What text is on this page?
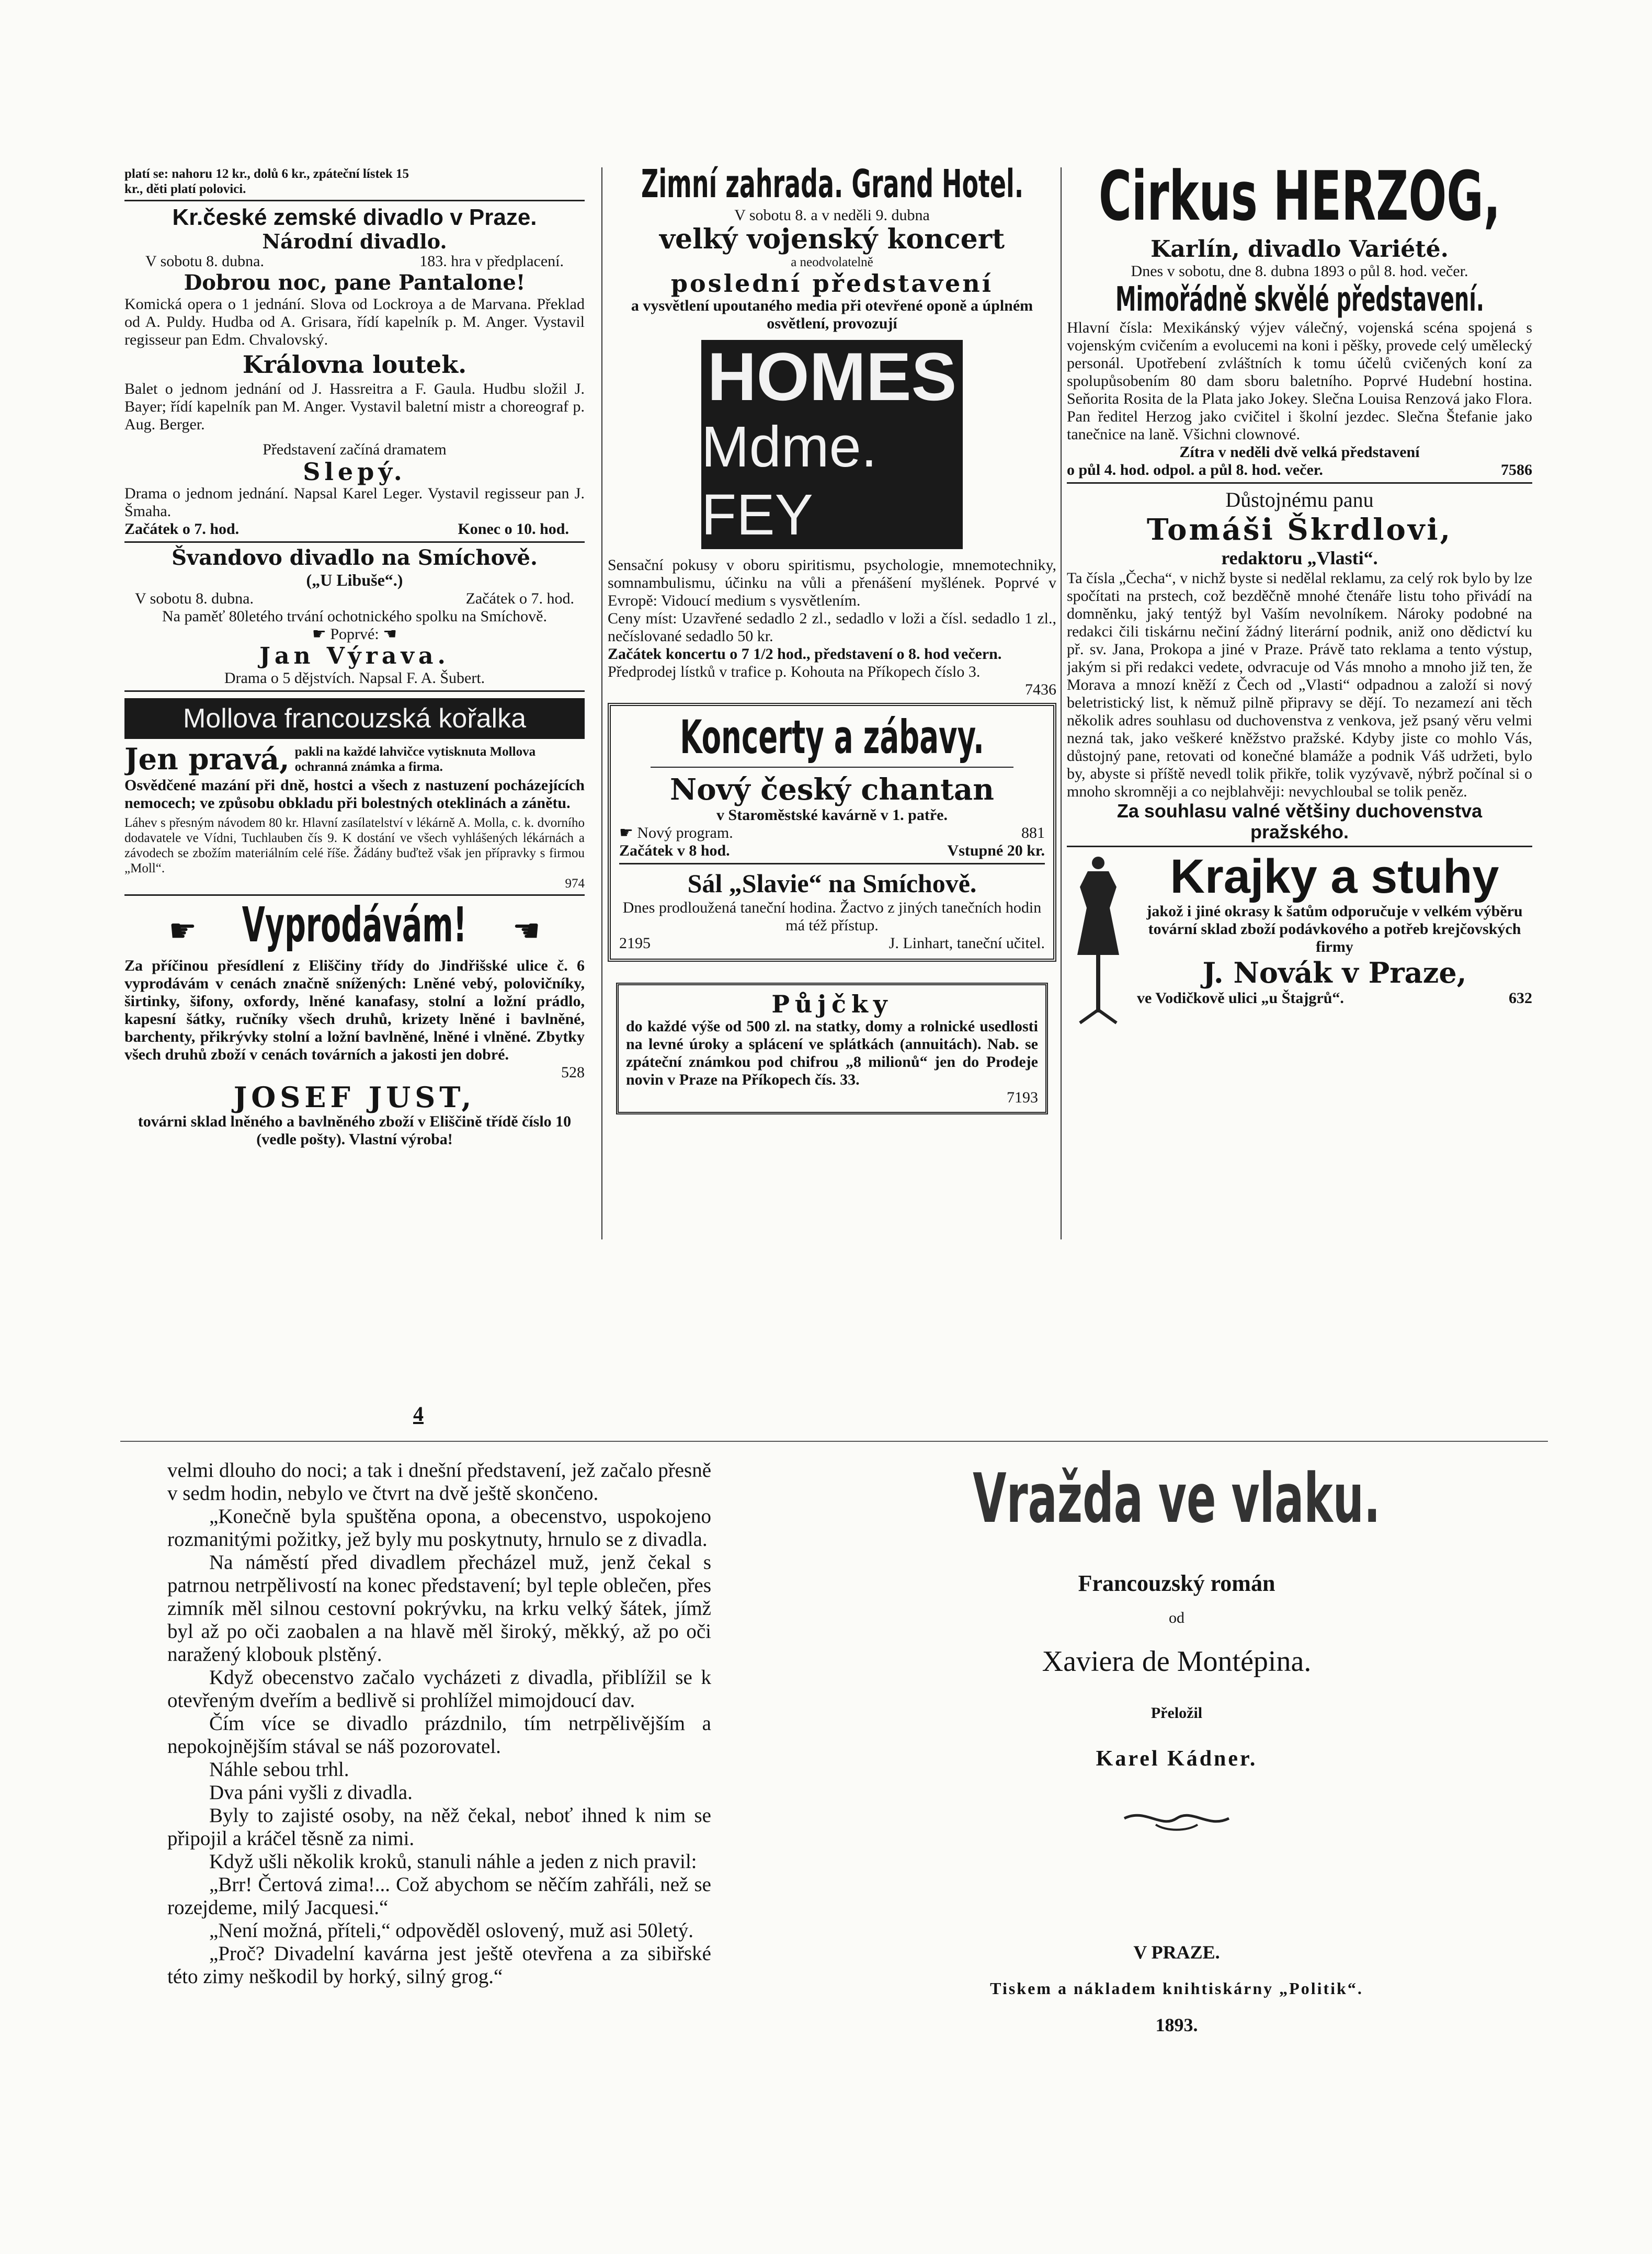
platí se: nahoru 12 kr., dolů 6 kr., zpáteční lístek 15
kr., děti platí polovici.
Kr.české zemské divadlo v Praze.
Národní divadlo.
V sobotu 8. dubna.	183. hra v předplacení.
Dobrou noc, pane Pantalone!
Komická opera o 1 jednání. Slova od Lockroya a de Marvana. Překlad od A. Puldy. Hudba od A. Grisara, řídí kapelník p. M. Anger. Vystavil regisseur pan Edm. Chvalovský.
Královna loutek.
Balet o jednom jednání od J. Hassreitra a F. Gaula. Hudbu složil J. Bayer; řídí kapelník pan M. Anger. Vystavil baletní mistr a choreograf p. Aug. Berger.
Představení začíná dramatem
Slepý.
Drama o jednom jednání. Napsal Karel Leger. Vystavil regisseur pan J. Šmaha.
Začátek o 7. hod.	Konec o 10. hod.
Švandovo divadlo na Smíchově.
(„U Libuše“.)
V sobotu 8. dubna.	Začátek o 7. hod.
Na paměť 80letého trvání ochotnického spolku na Smíchově.
☛ Poprvé: ☚
Jan Výrava.
Drama o 5 dějstvích. Napsal F. A. Šubert.
Mollova francouzská kořalka
Jen pravá, pakli na každé lahvičce vytisknuta Mollova ochranná známka a firma.
Osvědčené mazání při dně, hostci a všech z nastuzení pocházejících nemocech; ve způsobu obkladu při bolestných oteklinách a zánětu.
Láhev s přesným návodem 80 kr. Hlavní zasílatelství v lékárně A. Molla, c. k. dvorního dodavatele ve Vídni, Tuchlauben čís 9. K dostání ve všech vyhlášených lékárnách a závodech se zbožím materiálním celé říše. Žádány buďtež však jen přípravky s firmou „Moll“.
974
☛ Vyprodávám! ☚
Za příčinou přesídlení z Eliščiny třídy do Jindřišské ulice č. 6 vyprodávám v cenách značně snížených: Lněné vebý, polovičníky, širtinky, šifony, oxfordy, lněné kanafasy, stolní a ložní prádlo, kapesní šátky, ručníky všech druhů, krizety lněné i bavlněné, barchenty, přikrývky stolní a ložní bavlněné, lněné i vlněné. Zbytky všech druhů zboží v cenách továrních a jakosti jen dobré.
528
JOSEF JUST,
továrni sklad lněného a bavlněného zboží v Eliščině třídě číslo 10 (vedle pošty). Vlastní výroba!
Zimní zahrada. Grand Hotel.
V sobotu 8. a v neděli 9. dubna
velký vojenský koncert
a neodvolatelně
poslední představení
a vysvětlení upoutaného media při otevřené oponě a úplném osvětlení, provozují
HOMES
Mdme. FEY
Sensační pokusy v oboru spiritismu, psychologie, mnemotechniky, somnambulismu, účinku na vůli a přenášení myšlének. Poprvé v Evropě: Vidoucí medium s vysvětlením.
Ceny míst: Uzavřené sedadlo 2 zl., sedadlo v loži a čísl. sedadlo 1 zl., nečíslované sedadlo 50 kr.
Začátek koncertu o 7 1/2 hod., představení o 8. hod večern.
Předprodej lístků v trafice p. Kohouta na Příkopech číslo 3.
7436
Koncerty a zábavy.
Nový český chantan
v Staroměstské kavárně v 1. patře.
☛ Nový program.	881
Začátek v 8 hod.	Vstupné 20 kr.
Sál „Slavie“ na Smíchově.
Dnes prodloužená taneční hodina. Žactvo z jiných tanečních hodin má též přístup.
2195	J. Linhart, taneční učitel.
Půjčky
do každé výše od 500 zl. na statky, domy a rolnické usedlosti na levné úroky a splácení ve splátkách (annuitách). Nab. se zpáteční známkou pod chifrou „8 milionů“ jen do Prodeje novin v Praze na Příkopech čís. 33.
7193
Cirkus HERZOG,
Karlín, divadlo Variété.
Dnes v sobotu, dne 8. dubna 1893 o půl 8. hod. večer.
Mimořádně skvělé představení.
Hlavní čísla: Mexikánský výjev válečný, vojenská scéna spojená s vojenským cvičením a evolucemi na koni i pěšky, provede celý umělecký personál. Upotřebení zvláštních k tomu účelů cvičených koní za spolupůsobením 80 dam sboru baletního. Poprvé Hudební hostina. Seňorita Rosita de la Plata jako Jokey. Slečna Louisa Renzová jako Flora. Pan ředitel Herzog jako cvičitel i školní jezdec. Slečna Štefanie jako tanečnice na laně. Všichni clownové.
Zítra v neděli dvě velká představení
o půl 4. hod. odpol. a půl 8. hod. večer.	7586
Důstojnému panu
Tomáši Škrdlovi,
redaktoru „Vlasti“.
Ta čísla „Čecha“, v nichž byste si nedělal reklamu, za celý rok bylo by lze spočítati na prstech, což bezděčně mnohé čtenáře listu toho přivádí na domněnku, jaký tentýž byl Vaším nevolníkem. Nároky podobné na redakci čili tiskárnu nečiní žádný literární podnik, aniž ono dědictví ku př. sv. Jana, Prokopa a jiné v Praze. Právě tato reklama a tento výstup, jakým si při redakci vedete, odvracuje od Vás mnoho a mnoho již ten, že Morava a mnozí kněží z Čech od „Vlasti“ odpadnou a založí si nový beletristický list, k němuž pilně připravy se dějí. To nezamezí ani těch několik adres souhlasu od duchovenstva z venkova, jež psaný věru velmi nezná tak, jako veškeré kněžstvo pražské. Kdyby jiste co mohlo Vás, důstojný pane, retovati od konečné blamáže a podnik Váš udržeti, bylo by, abyste si příště nevedl tolik přikře, tolik vyzývavě, nýbrž počínal si o mnoho skromněji a co nejblahvěji: nevychloubal se tolik peněz.
Za souhlasu valné většiny duchovenstva pražského.
Krajky a stuhy
jakož i jiné okrasy k šatům odporučuje v velkém výběru tovární sklad zboží podávkového a potřeb krejčovských firmy
J. Novák v Praze,
ve Vodičkově ulici „u Štajgrů“.	632
4
velmi dlouho do noci; a tak i dnešní představení, jež začalo přesně v sedm hodin, nebylo ve čtvrt na dvě ještě skončeno.
„Konečně byla spuštěna opona, a obecenstvo, uspokojeno rozmanitými požitky, jež byly mu poskytnuty, hrnulo se z divadla.
Na náměstí před divadlem přecházel muž, jenž čekal s patrnou netrpělivostí na konec představení; byl teple oblečen, přes zimník měl silnou cestovní pokrývku, na krku velký šátek, jímž byl až po oči zaobalen a na hlavě měl široký, měkký, až po oči naražený klobouk plstěný.
Když obecenstvo začalo vycházeti z divadla, přiblížil se k otevřeným dveřím a bedlivě si prohlížel mimojdoucí dav.
Čím více se divadlo prázdnilo, tím netrpělivějším a nepokojnějším stával se náš pozorovatel.
Náhle sebou trhl.
Dva páni vyšli z divadla.
Byly to zajisté osoby, na něž čekal, neboť ihned k nim se připojil a kráčel těsně za nimi.
Když ušli několik kroků, stanuli náhle a jeden z nich pravil:
„Brr! Čertová zima!... Což abychom se něčím zahřáli, než se rozejdeme, milý Jacquesi.“
„Není možná, příteli,“ odpověděl oslovený, muž asi 50letý.
„Proč? Divadelní kavárna jest ještě otevřena a za sibiřské této zimy neškodil by horký, silný grog.“
Vražda ve vlaku.
Francouzský román
od
Xaviera de Montépina.
Přeložil
Karel Kádner.
V PRAZE.
Tiskem a nákladem knihtiskárny „Politik“.
1893.
